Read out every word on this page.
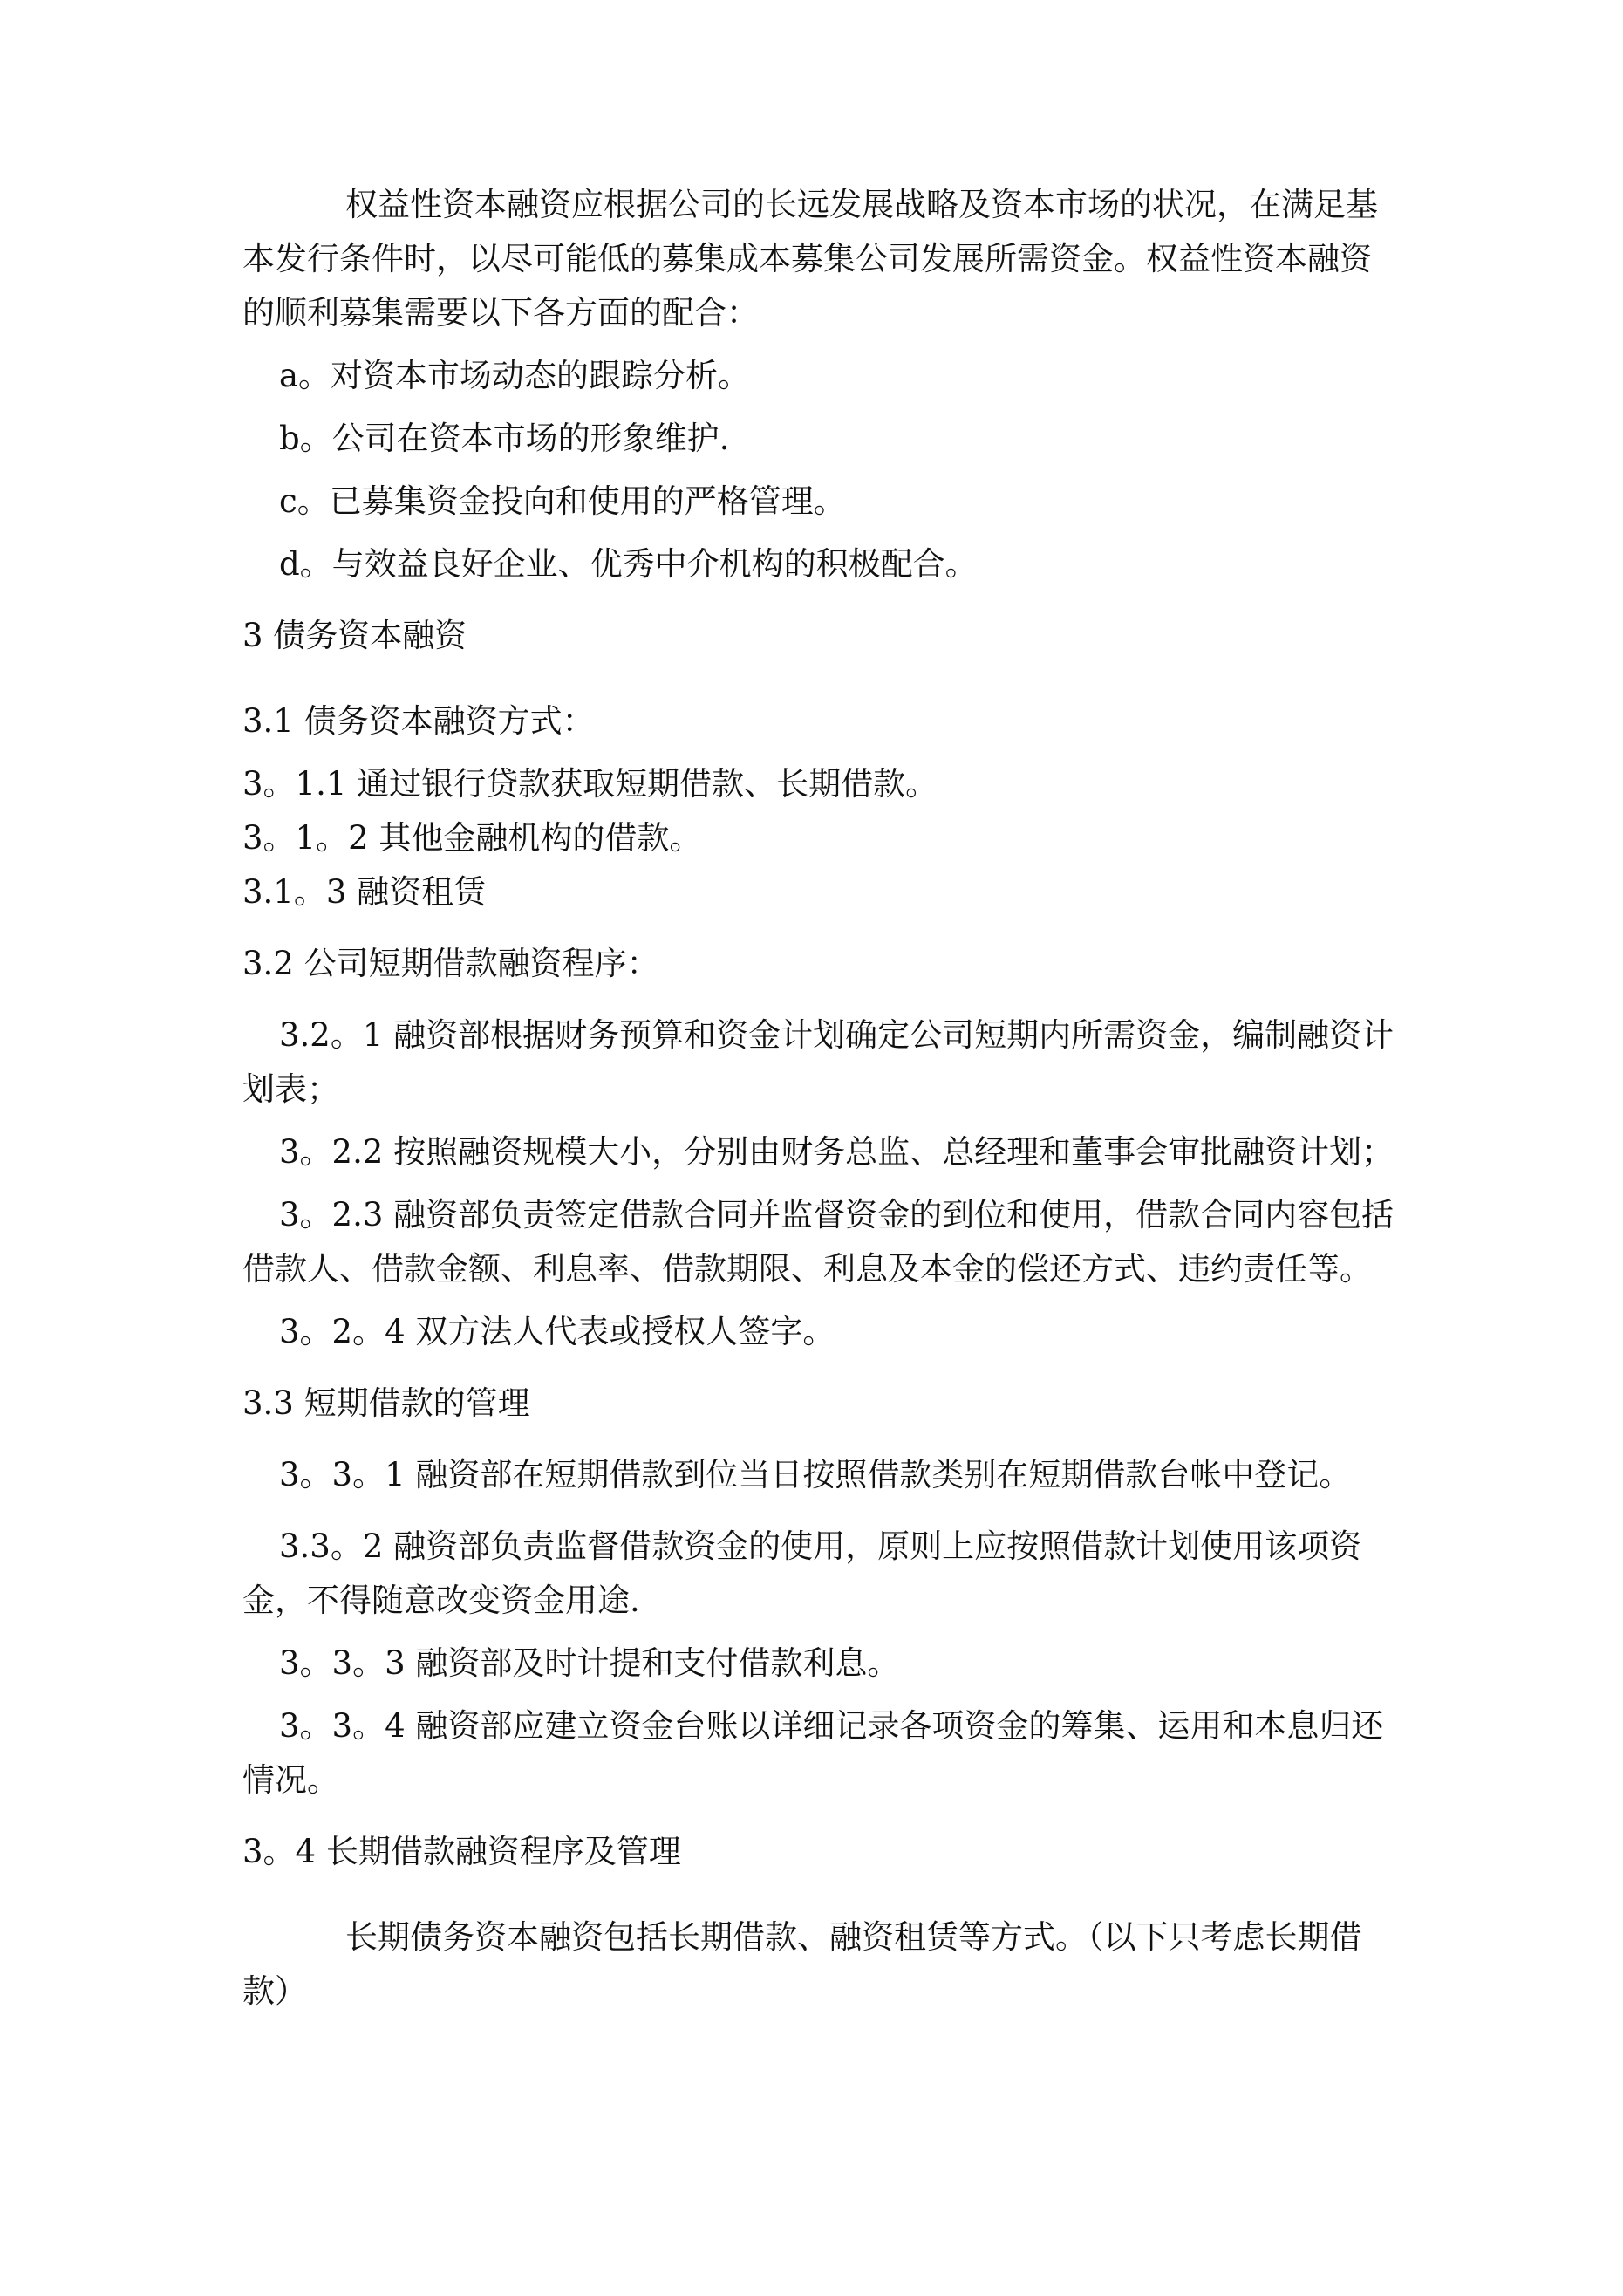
权益性资本融资应根据公司的长远发展战略及资本市场的状况，在满足基本发行条件时，以尽可能低的募集成本募集公司发展所需资金。权益性资本融资的顺利募集需要以下各方面的配合：

a。对资本市场动态的跟踪分析。

b。公司在资本市场的形象维护.

c。已募集资金投向和使用的严格管理。

d。与效益良好企业、优秀中介机构的积极配合。

3 债务资本融资

3.1 债务资本融资方式：

3。1.1 通过银行贷款获取短期借款、长期借款。

3。1。2 其他金融机构的借款。

3.1。3 融资租赁

3.2 公司短期借款融资程序：

3.2。1 融资部根据财务预算和资金计划确定公司短期内所需资金，编制融资计划表；

3。2.2 按照融资规模大小，分别由财务总监、总经理和董事会审批融资计划；

3。2.3 融资部负责签定借款合同并监督资金的到位和使用，借款合同内容包括借款人、借款金额、利息率、借款期限、利息及本金的偿还方式、违约责任等。

3。2。4 双方法人代表或授权人签字。

3.3 短期借款的管理

3。3。1 融资部在短期借款到位当日按照借款类别在短期借款台帐中登记。

3.3。2 融资部负责监督借款资金的使用，原则上应按照借款计划使用该项资金，不得随意改变资金用途.

3。3。3 融资部及时计提和支付借款利息。

3。3。4 融资部应建立资金台账以详细记录各项资金的筹集、运用和本息归还情况。

3。4 长期借款融资程序及管理

长期债务资本融资包括长期借款、融资租赁等方式。（以下只考虑长期借款）
